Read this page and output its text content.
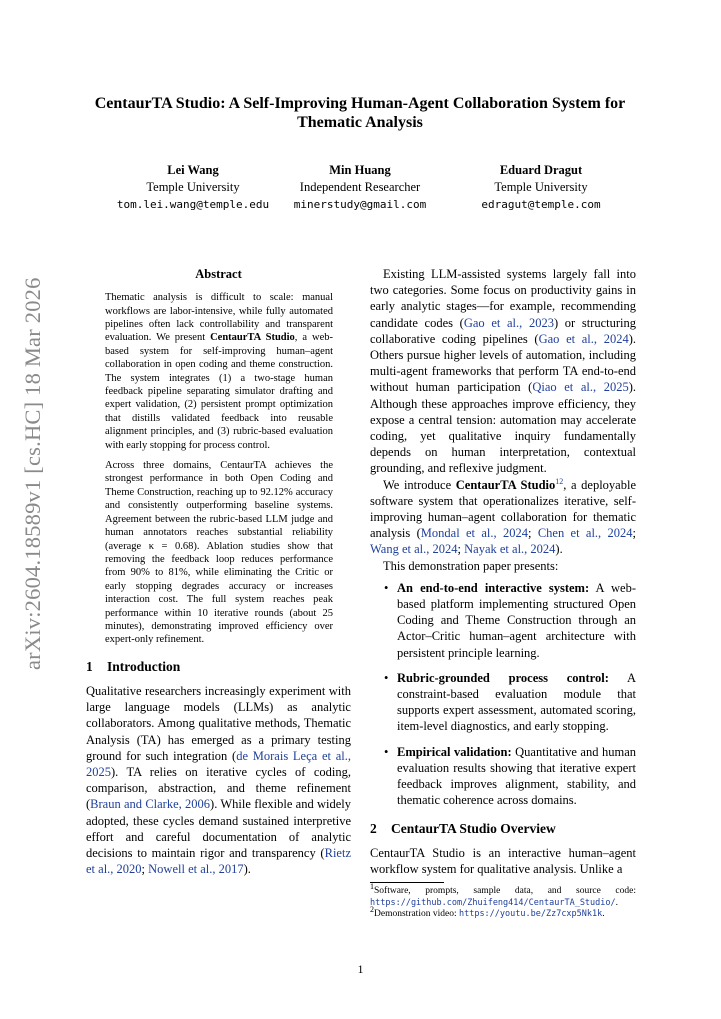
arXiv:2604.18589v1 [cs.HC] 18 Mar 2026
CentaurTA Studio: A Self-Improving Human-Agent Collaboration System for Thematic Analysis
Lei Wang
Temple University
tom.lei.wang@temple.edu
Min Huang
Independent Researcher
minerstudy@gmail.com
Eduard Dragut
Temple University
edragut@temple.com
Abstract

Thematic analysis is difficult to scale: manual workflows are labor-intensive, while fully automated pipelines often lack controllability and transparent evaluation. We present CentaurTA Studio, a web-based system for self-improving human–agent collaboration in open coding and theme construction. The system integrates (1) a two-stage human feedback pipeline separating simulator drafting and expert validation, (2) persistent prompt optimization that distills validated feedback into reusable alignment principles, and (3) rubric-based evaluation with early stopping for process control.

Across three domains, CentaurTA achieves the strongest performance in both Open Coding and Theme Construction, reaching up to 92.12% accuracy and consistently outperforming baseline systems. Agreement between the rubric-based LLM judge and human annotators reaches substantial reliability (average κ = 0.68). Ablation studies show that removing the feedback loop reduces performance from 90% to 81%, while eliminating the Critic or early stopping degrades accuracy or increases interaction cost. The full system reaches peak performance within 10 iterative rounds (about 25 minutes), demonstrating improved efficiency over expert-only refinement.

1 Introduction

Qualitative researchers increasingly experiment with large language models (LLMs) as analytic collaborators. Among qualitative methods, Thematic Analysis (TA) has emerged as a primary testing ground for such integration (de Morais Leça et al., 2025). TA relies on iterative cycles of coding, comparison, abstraction, and theme refinement (Braun and Clarke, 2006). While flexible and widely adopted, these cycles demand sustained interpretive effort and careful documentation of analytic decisions to maintain rigor and transparency (Rietz et al., 2020; Nowell et al., 2017).

Existing LLM-assisted systems largely fall into two categories. Some focus on productivity gains in early analytic stages—for example, recommending candidate codes (Gao et al., 2023) or structuring collaborative coding pipelines (Gao et al., 2024). Others pursue higher levels of automation, including multi-agent frameworks that perform TA end-to-end without human participation (Qiao et al., 2025). Although these approaches improve efficiency, they expose a central tension: automation may accelerate coding, yet qualitative inquiry fundamentally depends on human interpretation, contextual grounding, and reflexive judgment.

We introduce CentaurTA Studio$^{12}$, a deployable software system that operationalizes iterative, self-improving human–agent collaboration for thematic analysis (Mondal et al., 2024; Chen et al., 2024; Wang et al., 2024; Nayak et al., 2024).

This demonstration paper presents:

• An end-to-end interactive system: A web-based platform implementing structured Open Coding and Theme Construction through an Actor–Critic human–agent architecture with persistent principle learning.
• Rubric-grounded process control: A constraint-based evaluation module that supports expert assessment, automated scoring, item-level diagnostics, and early stopping.
• Empirical validation: Quantitative and human evaluation results showing that iterative expert feedback improves alignment, stability, and thematic coherence across domains.
2 CentaurTA Studio Overview

CentaurTA Studio is an interactive human–agent workflow system for qualitative analysis. Unlike a

$^1$Software, prompts, sample data, and source code: https://github.com/Zhuifeng414/CentaurTA_Studio/.
$^2$Demonstration video: https://youtu.be/Zz7cxp5Nk1k.
1
